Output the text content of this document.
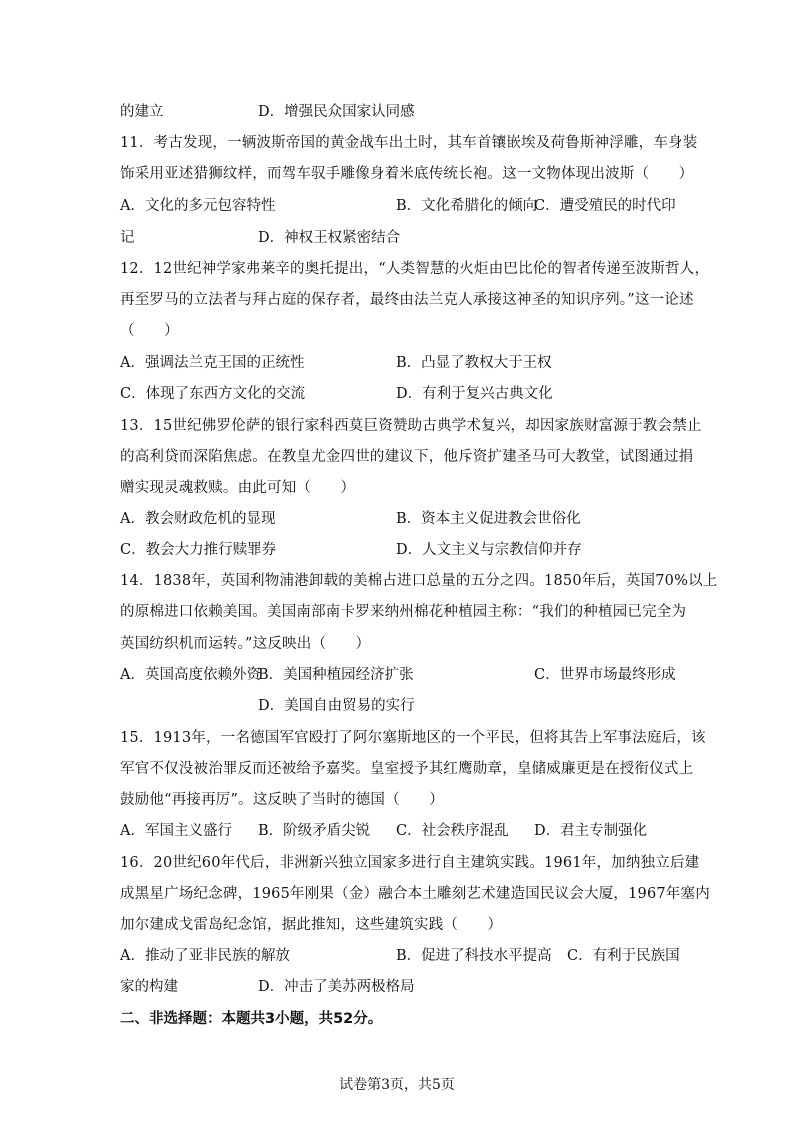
的建立	D．增强民众国家认同感
11．考古发现，一辆波斯帝国的黄金战车出土时，其车首镶嵌埃及荷鲁斯神浮雕，车身装
饰采用亚述猎狮纹样，而驾车驭手雕像身着米底传统长袍。这一文物体现出波斯（　　）
A．文化的多元包容特性	B．文化希腊化的倾向
C．遭受殖民的时代印
记	D．神权王权紧密结合
12．12世纪神学家弗莱辛的奥托提出，“人类智慧的火炬由巴比伦的智者传递至波斯哲人，
再至罗马的立法者与拜占庭的保存者，最终由法兰克人承接这神圣的知识序列。”这一论述
（　　）
A．强调法兰克王国的正统性	B．凸显了教权大于王权
C．体现了东西方文化的交流	D．有利于复兴古典文化
13．15世纪佛罗伦萨的银行家科西莫巨资赞助古典学术复兴，却因家族财富源于教会禁止
的高利贷而深陷焦虑。在教皇尤金四世的建议下，他斥资扩建圣马可大教堂，试图通过捐
赠实现灵魂救赎。由此可知（　　）
A．教会财政危机的显现	B．资本主义促进教会世俗化
C．教会大力推行赎罪券	D．人文主义与宗教信仰并存
14．1838年，英国利物浦港卸载的美棉占进口总量的五分之四。1850年后，英国70%以上
的原棉进口依赖美国。美国南部南卡罗来纳州棉花种植园主称：“我们的种植园已完全为
英国纺织机而运转。”这反映出（　　）
A．英国高度依赖外资
B．美国种植园经济扩张	C．世界市场最终形成
D．美国自由贸易的实行
15．1913年，一名德国军官殴打了阿尔塞斯地区的一个平民，但将其告上军事法庭后，该
军官不仅没被治罪反而还被给予嘉奖。皇室授予其红鹰勋章，皇储威廉更是在授衔仪式上
鼓励他“再接再厉”。这反映了当时的德国（　　）
A．军国主义盛行 B．阶级矛盾尖锐 C．社会秩序混乱 D．君主专制强化
16．20世纪60年代后，非洲新兴独立国家多进行自主建筑实践。1961年，加纳独立后建
成黑星广场纪念碑，1965年刚果（金）融合本土雕刻艺术建造国民议会大厦，1967年塞内
加尔建成戈雷岛纪念馆，据此推知，这些建筑实践（　　）
A．推动了亚非民族的解放	B．促进了科技水平提高 C．有利于民族国
家的构建	D．冲击了美苏两极格局
二、非选择题：本题共3小题，共52分。
试卷第3页，共5页
